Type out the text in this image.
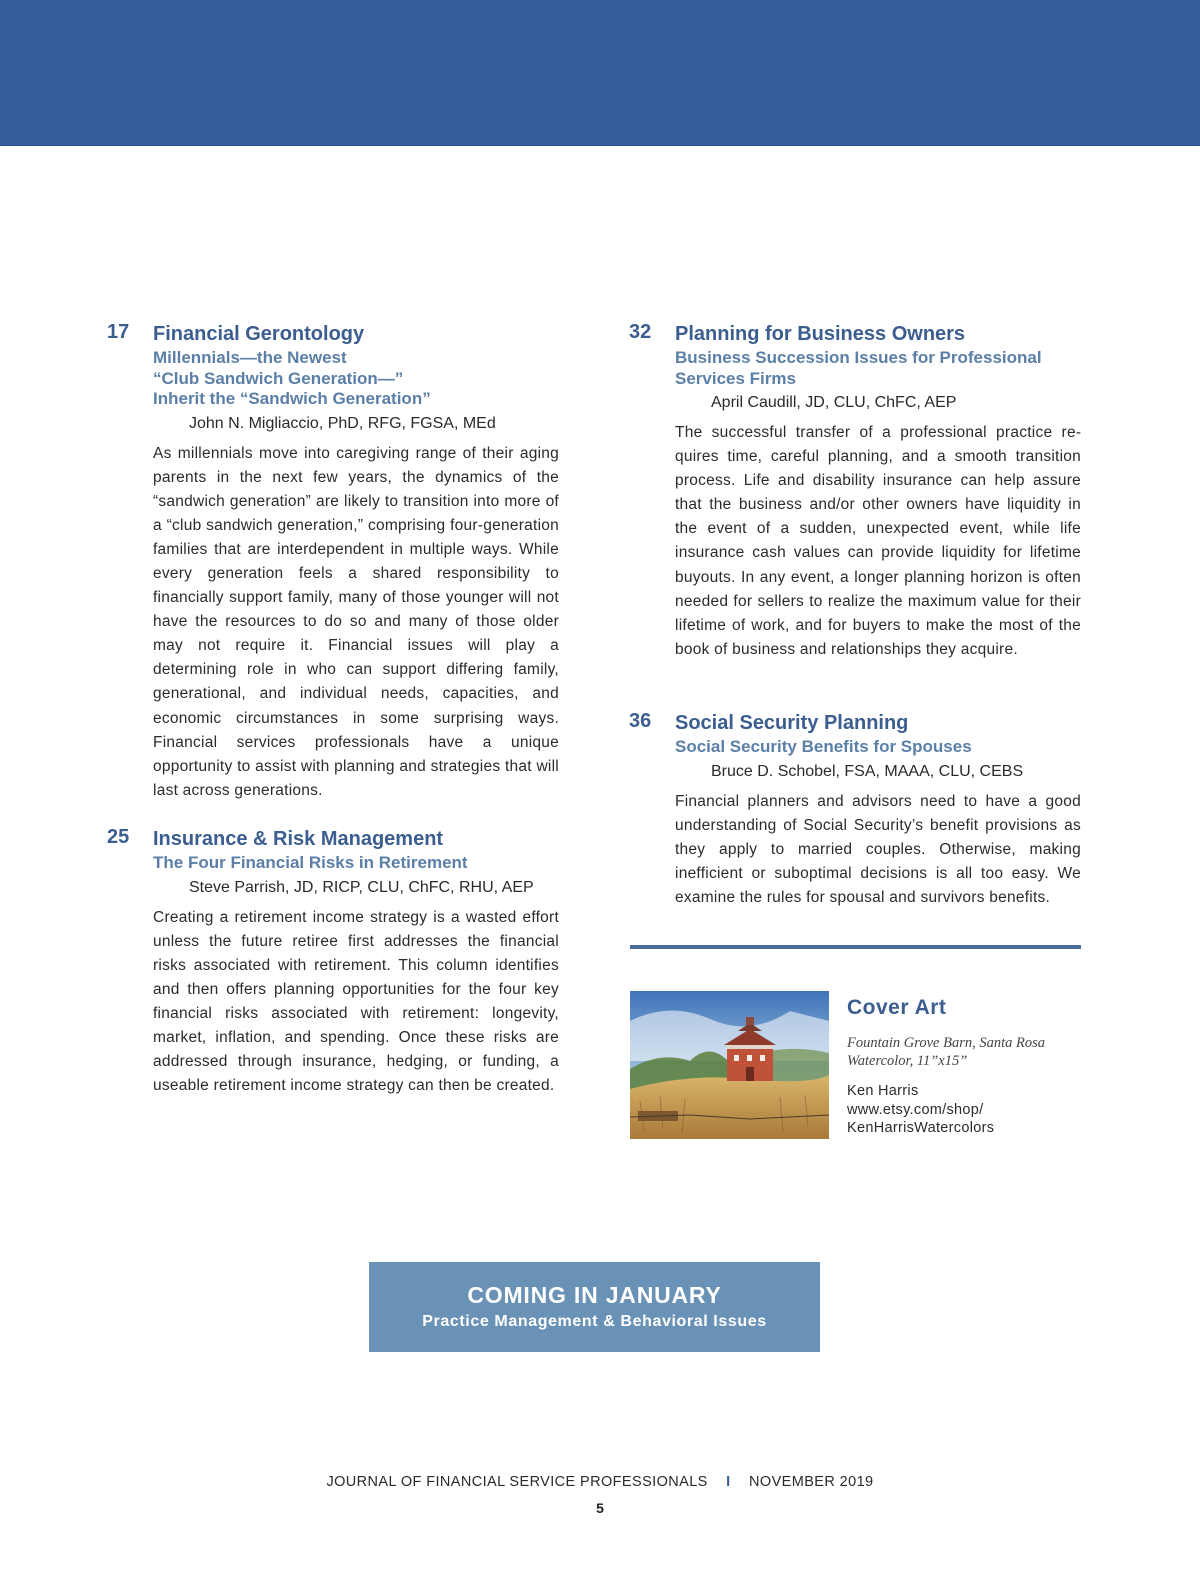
17 Financial Gerontology
Millennials—the Newest
“Club Sandwich Generation—”
Inherit the “Sandwich Generation”
John N. Migliaccio, PhD, RFG, FGSA, MEd

As millennials move into caregiving range of their aging parents in the next few years, the dynamics of the “sandwich generation” are likely to transition into more of a “club sandwich generation,” comprising four-generation families that are interdependent in multiple ways. While every generation feels a shared responsibility to financially support family, many of those younger will not have the resources to do so and many of those older may not require it. Financial issues will play a determining role in who can support differing family, generational, and individual needs, capacities, and economic circumstances in some surprising ways. Financial services professionals have a unique opportunity to assist with planning and strategies that will last across generations.

25 Insurance & Risk Management
The Four Financial Risks in Retirement
Steve Parrish, JD, RICP, CLU, ChFC, RHU, AEP

Creating a retirement income strategy is a wasted effort unless the future retiree first addresses the financial risks associated with retirement. This column identifies and then offers planning opportunities for the four key financial risks associated with retirement: longevity, market, inflation, and spending. Once these risks are addressed through insurance, hedging, or funding, a useable retirement income strategy can then be created.

32 Planning for Business Owners
Business Succession Issues for Professional
Services Firms
April Caudill, JD, CLU, ChFC, AEP

The successful transfer of a professional practice requires time, careful planning, and a smooth transition process. Life and disability insurance can help assure that the business and/or other owners have liquidity in the event of a sudden, unexpected event, while life insurance cash values can provide liquidity for lifetime buyouts. In any event, a longer planning horizon is often needed for sellers to realize the maximum value for their lifetime of work, and for buyers to make the most of the book of business and relationships they acquire.

36 Social Security Planning
Social Security Benefits for Spouses
Bruce D. Schobel, FSA, MAAA, CLU, CEBS

Financial planners and advisors need to have a good understanding of Social Security’s benefit provisions as they apply to married couples. Otherwise, making inefficient or suboptimal decisions is all too easy. We examine the rules for spousal and survivors benefits.

Cover Art
Fountain Grove Barn, Santa Rosa
Watercolor, 11”x15”
Ken Harris
www.etsy.com/shop/
KenHarrisWatercolors
COMING IN JANUARY
Practice Management & Behavioral Issues
JOURNAL OF FINANCIAL SERVICE PROFESSIONALS I NOVEMBER 2019
5
